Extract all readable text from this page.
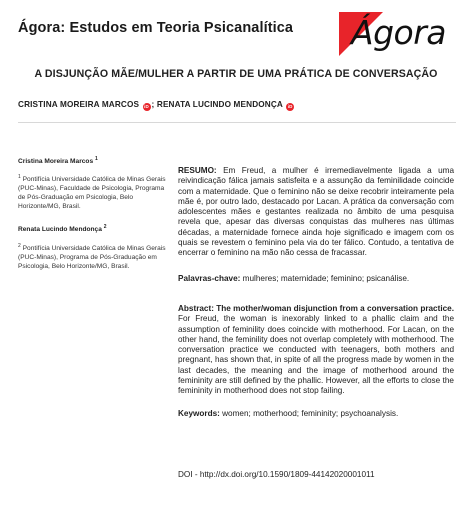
Ágora: Estudos em Teoria Psicanalítica Ágora
A DISJUNÇÃO MÃE/MULHER A PARTIR DE UMA PRÁTICA DE CONVERSAÇÃO
CRISTINA MOREIRA MARCOS iD ; RENATA LUCINDO MENDONÇA iD
Cristina Moreira Marcos $^1$
$^1$ Pontifícia Universidade Católica de Minas Gerais (PUC-Minas), Faculdade de Psicologia, Programa de Pós-Graduação em Psicologia, Belo Horizonte/MG, Brasil.
Renata Lucindo Mendonça $^2$
$^2$ Pontifícia Universidade Católica de Minas Gerais (PUC-Minas), Programa de Pós-Graduação em Psicologia, Belo Horizonte/MG, Brasil.

RESUMO: Em Freud, a mulher é irremediavelmente ligada a uma reivindicação fálica jamais satisfeita e a assunção da feminilidade coincide com a maternidade. Que o feminino não se deixe recobrir inteiramente pela mãe é, por outro lado, destacado por Lacan. A prática da conversação com adolescentes mães e gestantes realizada no âmbito de uma pesquisa revela que, apesar das diversas conquistas das mulheres nas últimas décadas, a maternidade fornece ainda hoje significado e imagem com os quais se revestem o feminino pela via do ter fálico. Contudo, a tentativa de encerrar o feminino na mão não cessa de fracassar.

Palavras-chave: mulheres; maternidade; feminino; psicanálise.

Abstract: The mother/woman disjunction from a conversation practice. For Freud, the woman is inexorably linked to a phallic claim and the assumption of feminility does coincide with motherhood. For Lacan, on the other hand, the feminility does not overlap completely with motherhood. The conversation practice we conducted with teenagers, both mothers and pregnant, has shown that, in spite of all the progress made by women in the last decades, the meaning and the image of motherhood around the femininity are still defined by the phallic. However, all the efforts to close the femininity in motherhood does not stop failing.

Keywords: women; motherhood; femininity; psychoanalysis.

DOI - http://dx.doi.org/10.1590/1809-44142020001011
